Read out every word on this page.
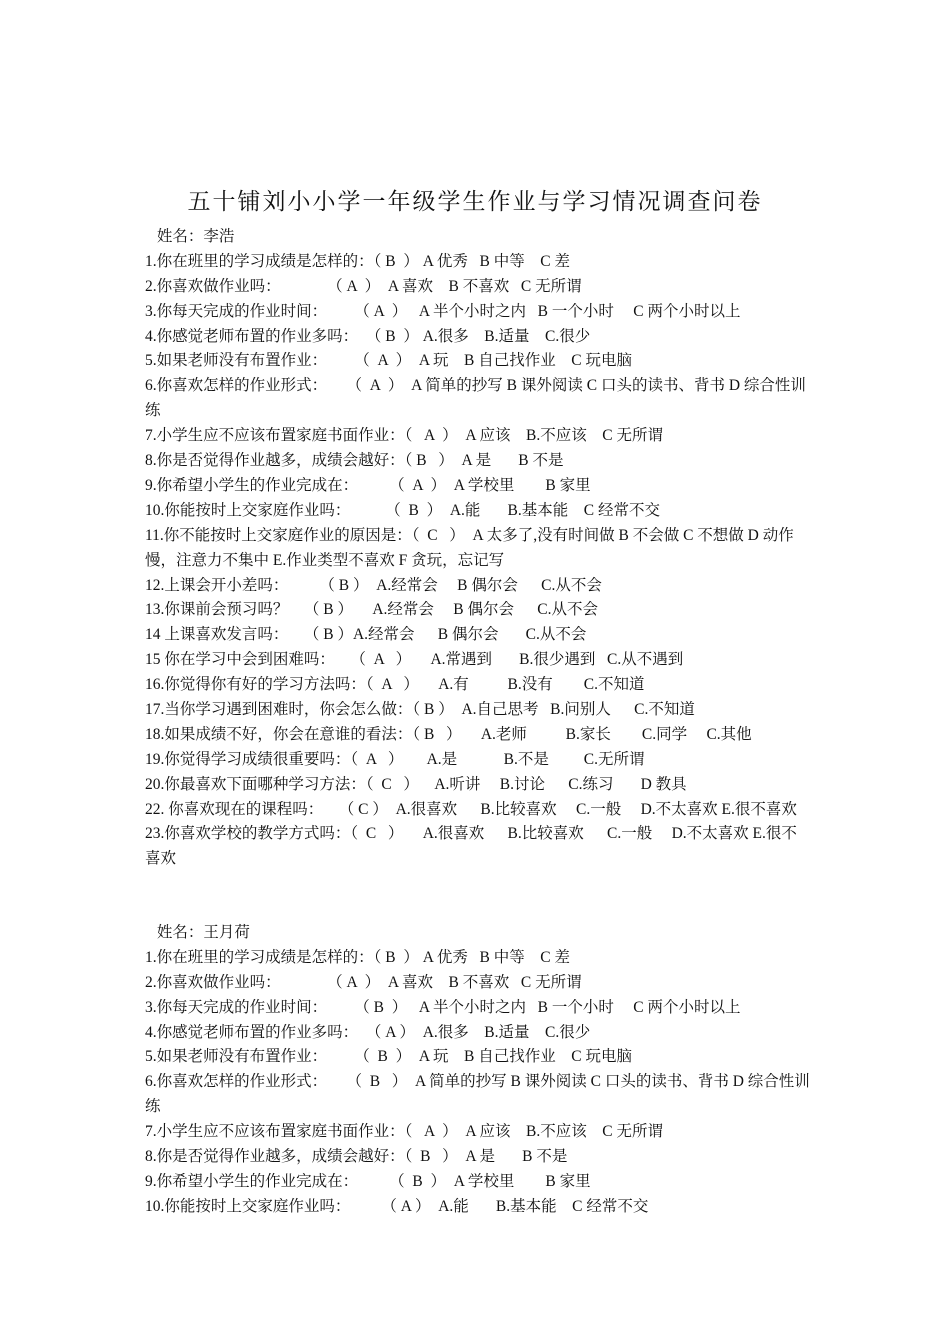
五十铺刘小小学一年级学生作业与学习情况调查问卷
姓名：李浩
1.你在班里的学习成绩是怎样的：（ B  ） A 优秀   B 中等    C 差
2.你喜欢做作业吗：            （ A  ）  A 喜欢    B 不喜欢   C 无所谓
3.你每天完成的作业时间：       （ A  ）   A 半个小时之内   B 一个小时     C 两个小时以上
4.你感觉老师布置的作业多吗：  （ B  ） A.很多    B.适量    C.很少
5.如果老师没有布置作业：       （  A  ）  A 玩    B 自己找作业    C 玩电脑
6.你喜欢怎样的作业形式：     （  A  ）  A 简单的抄写 B 课外阅读 C 口头的读书、背书 D 综合性训练
7.小学生应不应该布置家庭书面作业：（   A  ）  A 应该    B.不应该    C 无所谓
8.你是否觉得作业越多，成绩会越好：（ B   ）  A 是       B 不是
9.你希望小学生的作业完成在：        （  A  ）  A 学校里        B 家里
10.你能按时上交家庭作业吗：         （  B  ）  A.能       B.基本能    C 经常不交
11.你不能按时上交家庭作业的原因是：（  C   ）  A 太多了,没有时间做 B 不会做 C 不想做 D 动作慢，注意力不集中 E.作业类型不喜欢 F 贪玩，忘记写
12.上课会开小差吗：        （ B ）  A.经常会     B 偶尔会      C.从不会
13.你课前会预习吗？    （ B ）     A.经常会     B 偶尔会      C.从不会
14 上课喜欢发言吗：    （ B ）A.经常会      B 偶尔会       C.从不会
15 你在学习中会到困难吗：    （  A   ）     A.常遇到       B.很少遇到   C.从不遇到
16.你觉得你有好的学习方法吗：（  A   ）     A.有          B.没有        C.不知道
17.当你学习遇到困难时，你会怎么做：（ B ）  A.自己思考   B.问别人      C.不知道
18.如果成绩不好，你会在意谁的看法：（ B   ）     A.老师          B.家长        C.同学     C.其他
19.你觉得学习成绩很重要吗：（  A   ）      A.是            B.不是         C.无所谓
20.你最喜欢下面哪种学习方法：（  C   ）    A.听讲     B.讨论      C.练习       D 教具
22. 你喜欢现在的课程吗：    （ C ）  A.很喜欢      B.比较喜欢     C.一般     D.不太喜欢 E.很不喜欢
23.你喜欢学校的教学方式吗：（  C   ）     A.很喜欢      B.比较喜欢      C.一般     D.不太喜欢 E.很不喜欢
姓名：王月荷
1.你在班里的学习成绩是怎样的：（ B  ） A 优秀   B 中等    C 差
2.你喜欢做作业吗：            （ A  ）  A 喜欢    B 不喜欢   C 无所谓
3.你每天完成的作业时间：       （ B  ）   A 半个小时之内   B 一个小时     C 两个小时以上
4.你感觉老师布置的作业多吗：  （ A ）  A.很多    B.适量    C.很少
5.如果老师没有布置作业：       （  B  ）  A 玩    B 自己找作业    C 玩电脑
6.你喜欢怎样的作业形式：     （  B   ）  A 简单的抄写 B 课外阅读 C 口头的读书、背书 D 综合性训练
7.小学生应不应该布置家庭书面作业：（   A  ）  A 应该    B.不应该    C 无所谓
8.你是否觉得作业越多，成绩会越好：（  B   ）  A 是       B 不是
9.你希望小学生的作业完成在：        （  B  ）  A 学校里        B 家里
10.你能按时上交家庭作业吗：        （ A ）  A.能       B.基本能    C 经常不交
